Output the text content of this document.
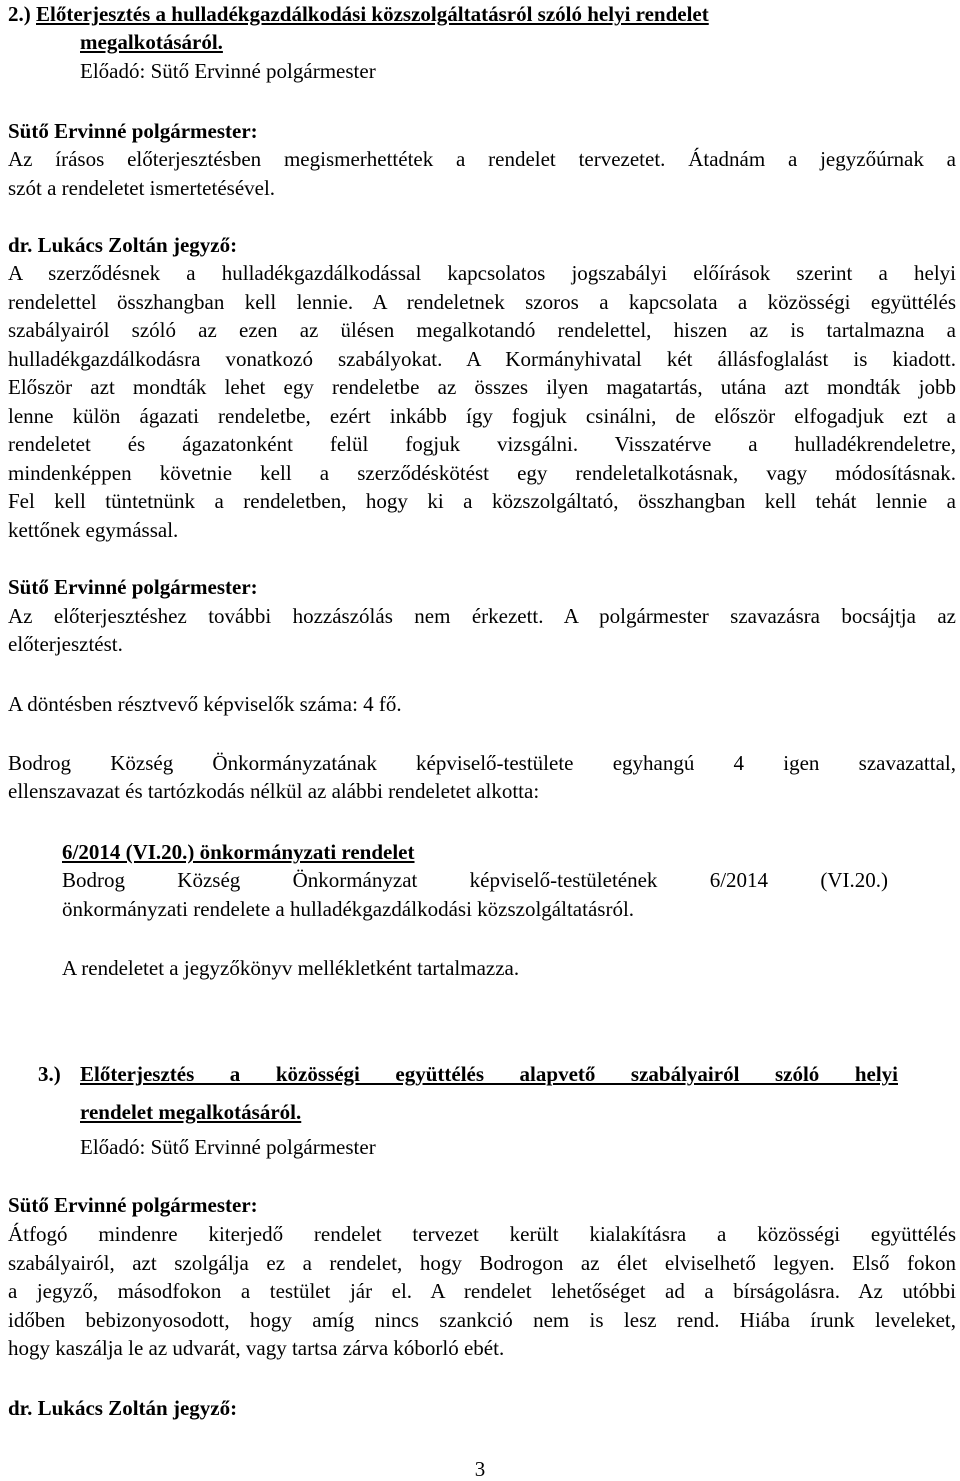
2.) Előterjesztés a hulladékgazdálkodási közszolgáltatásról szóló helyi rendelet
megalkotásáról.
Előadó: Sütő Ervinné polgármester
Sütő Ervinné polgármester:
Az írásos előterjesztésben megismerhettétek a rendelet tervezetet. Átadnám a jegyzőúrnak a
szót a rendeletet ismertetésével.
dr. Lukács Zoltán jegyző:
A szerződésnek a hulladékgazdálkodással kapcsolatos jogszabályi előírások szerint a helyi
rendelettel összhangban kell lennie. A rendeletnek szoros a kapcsolata a közösségi együttélés
szabályairól szóló az ezen az ülésen megalkotandó rendelettel, hiszen az is tartalmazna a
hulladékgazdálkodásra vonatkozó szabályokat. A Kormányhivatal két állásfoglalást is kiadott.
Először azt mondták lehet egy rendeletbe az összes ilyen magatartás, utána azt mondták jobb
lenne külön ágazati rendeletbe, ezért inkább így fogjuk csinálni, de először elfogadjuk ezt a
rendeletet és ágazatonként felül fogjuk vizsgálni. Visszatérve a hulladékrendeletre,
mindenképpen követnie kell a szerződéskötést egy rendeletalkotásnak, vagy módosításnak.
Fel kell tüntetnünk a rendeletben, hogy ki a közszolgáltató, összhangban kell tehát lennie a
kettőnek egymással.
Sütő Ervinné polgármester:
Az előterjesztéshez további hozzászólás nem érkezett. A polgármester szavazásra bocsájtja az
előterjesztést.
A döntésben résztvevő képviselők száma: 4 fő.
Bodrog Község Önkormányzatának képviselő-testülete egyhangú 4 igen szavazattal,
ellenszavazat és tartózkodás nélkül az alábbi rendeletet alkotta:
6/2014 (VI.20.) önkormányzati rendelet
Bodrog Község Önkormányzat képviselő-testületének 6/2014 (VI.20.)
önkormányzati rendelete a hulladékgazdálkodási közszolgáltatásról.
A rendeletet a jegyzőkönyv mellékletként tartalmazza.
3.) Előterjesztés a közösségi együttélés alapvető szabályairól szóló helyi
rendelet megalkotásáról.
Előadó: Sütő Ervinné polgármester
Sütő Ervinné polgármester:
Átfogó mindenre kiterjedő rendelet tervezet került kialakításra a közösségi együttélés
szabályairól, azt szolgálja ez a rendelet, hogy Bodrogon az élet elviselhető legyen. Első fokon
a jegyző, másodfokon a testület jár el. A rendelet lehetőséget ad a bírságolásra. Az utóbbi
időben bebizonyosodott, hogy amíg nincs szankció nem is lesz rend. Hiába írunk leveleket,
hogy kaszálja le az udvarát, vagy tartsa zárva kóborló ebét.
dr. Lukács Zoltán jegyző:
3
